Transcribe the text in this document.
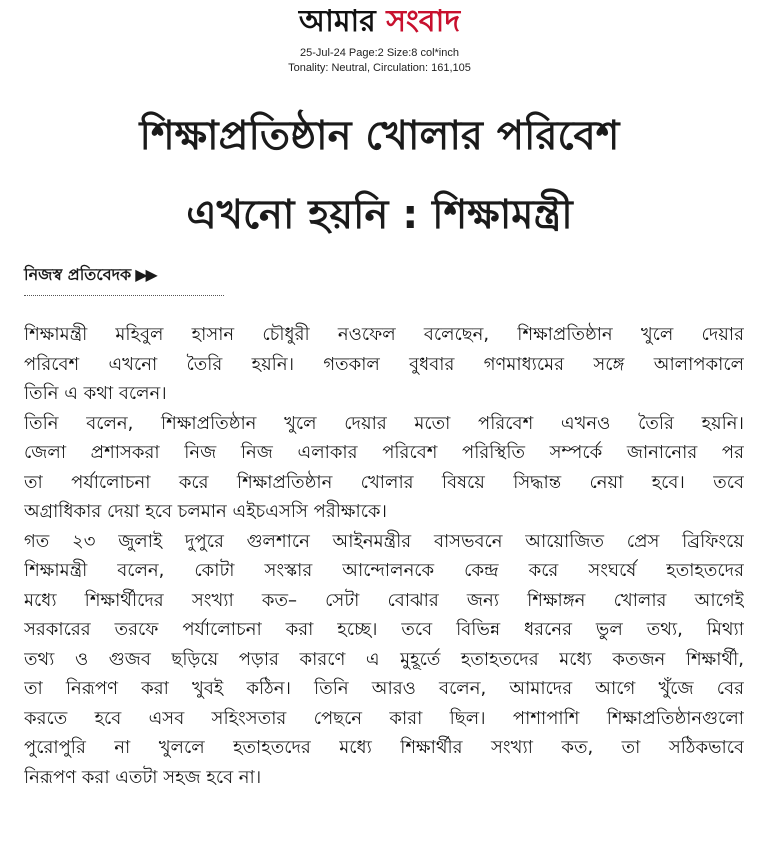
আমার সংবাদ
25-Jul-24 Page:2 Size:8 col*inch
Tonality: Neutral, Circulation: 161,105
শিক্ষাপ্রতিষ্ঠান খোলার পরিবেশ
এখনো হয়নি : শিক্ষামন্ত্রী
নিজস্ব প্রতিবেদক ▶▶
শিক্ষামন্ত্রী মহিবুল হাসান চৌধুরী নওফেল বলেছেন, শিক্ষাপ্রতিষ্ঠান খুলে দেয়ার
পরিবেশ এখনো তৈরি হয়নি। গতকাল বুধবার গণমাধ্যমের সঙ্গে আলাপকালে
তিনি এ কথা বলেন।
তিনি বলেন, শিক্ষাপ্রতিষ্ঠান খুলে দেয়ার মতো পরিবেশ এখনও তৈরি হয়নি।
জেলা প্রশাসকরা নিজ নিজ এলাকার পরিবেশ পরিস্থিতি সম্পর্কে জানানোর পর
তা পর্যালোচনা করে শিক্ষাপ্রতিষ্ঠান খোলার বিষয়ে সিদ্ধান্ত নেয়া হবে। তবে
অগ্রাধিকার দেয়া হবে চলমান এইচএসসি পরীক্ষাকে।
গত ২৩ জুলাই দুপুরে গুলশানে আইনমন্ত্রীর বাসভবনে আয়োজিত প্রেস ব্রিফিংয়ে
শিক্ষামন্ত্রী বলেন, কোটা সংস্কার আন্দোলনকে কেন্দ্র করে সংঘর্ষে হতাহতদের
মধ্যে শিক্ষার্থীদের সংখ্যা কত– সেটা বোঝার জন্য শিক্ষাঙ্গন খোলার আগেই
সরকারের তরফে পর্যালোচনা করা হচ্ছে। তবে বিভিন্ন ধরনের ভুল তথ্য, মিথ্যা
তথ্য ও গুজব ছড়িয়ে পড়ার কারণে এ মুহূর্তে হতাহতদের মধ্যে কতজন শিক্ষার্থী,
তা নিরূপণ করা খুবই কঠিন। তিনি আরও বলেন, আমাদের আগে খুঁজে বের
করতে হবে এসব সহিংসতার পেছনে কারা ছিল। পাশাপাশি শিক্ষাপ্রতিষ্ঠানগুলো
পুরোপুরি না খুললে হতাহতদের মধ্যে শিক্ষার্থীর সংখ্যা কত, তা সঠিকভাবে
নিরূপণ করা এতটা সহজ হবে না।
